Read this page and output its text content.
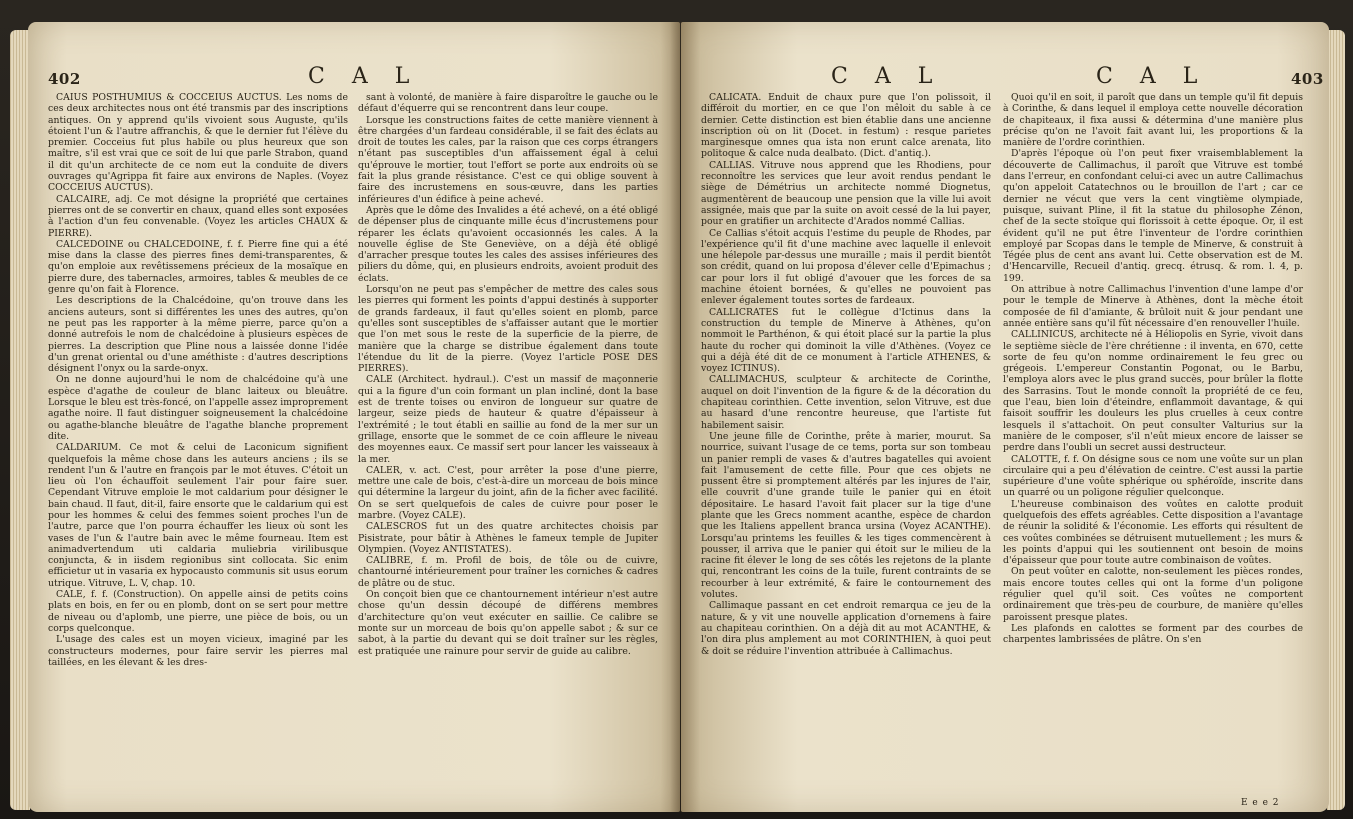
402	C A L

CAIUS POSTHUMIUS & COCCEIUS AUCTUS. Les noms de ces deux architectes nous ont été transmis par des inscriptions antiques. On y apprend qu'ils vivoient sous Auguste, qu'ils étoient l'un & l'autre affranchis, & que le dernier fut l'élève du premier. Cocceius fut plus habile ou plus heureux que son maître, s'il est vrai que ce soit de lui que parle Strabon, quand il dit qu'un architecte de ce nom eut la conduite de divers ouvrages qu'Agrippa fit faire aux environs de Naples. (Voyez COCCEIUS AUCTUS).

CALCAIRE, adj. Ce mot désigne la propriété que certaines pierres ont de se convertir en chaux, quand elles sont exposées à l'action d'un feu convenable. (Voyez les articles CHAUX & PIERRE).

CALCEDOINE ou CHALCEDOINE, f. f. Pierre fine qui a été mise dans la classe des pierres fines demi-transparentes, & qu'on emploie aux revêtissemens précieux de la mosaïque en pierre dure, des tabernacles, armoires, tables & meubles de ce genre qu'on fait à Florence.

Les descriptions de la Chalcédoine, qu'on trouve dans les anciens auteurs, sont si différentes les unes des autres, qu'on ne peut pas les rapporter à la même pierre, parce qu'on a donné autrefois le nom de chalcédoine à plusieurs espèces de pierres. La description que Pline nous a laissée donne l'idée d'un grenat oriental ou d'une améthiste : d'autres descriptions désignent l'onyx ou la sarde-onyx.

On ne donne aujourd'hui le nom de chalcédoine qu'à une espèce d'agathe de couleur de blanc laiteux ou bleuâtre. Lorsque le bleu est très-foncé, on l'appelle assez improprement agathe noire. Il faut distinguer soigneusement la chalcédoine ou agathe-blanche bleuâtre de l'agathe blanche proprement dite.

CALDARIUM. Ce mot & celui de Laconicum signifient quelquefois la même chose dans les auteurs anciens ; ils se rendent l'un & l'autre en françois par le mot étuves. C'étoit un lieu où l'on échauffoit seulement l'air pour faire suer. Cependant Vitruve emploie le mot caldarium pour désigner le bain chaud. Il faut, dit-il, faire ensorte que le caldarium qui est pour les hommes & celui des femmes soient proches l'un de l'autre, parce que l'on pourra échauffer les lieux où sont les vases de l'un & l'autre bain avec le même fourneau. Item est animadvertendum uti caldaria muliebria virilibusque conjuncta, & in iisdem regionibus sint collocata. Sic enim efficietur ut in vasaria ex hypocausto communis sit usus eorum utrique. Vitruve, L. V, chap. 10.

CALE, f. f. (Construction). On appelle ainsi de petits coins plats en bois, en fer ou en plomb, dont on se sert pour mettre de niveau ou d'aplomb, une pierre, une pièce de bois, ou un corps quelconque.

L'usage des cales est un moyen vicieux, imaginé par les constructeurs modernes, pour faire servir les pierres mal taillées, en les élevant & les dres-

sant à volonté, de manière à faire disparoître le gauche ou le défaut d'équerre qui se rencontrent dans leur coupe.

Lorsque les constructions faites de cette manière viennent à être chargées d'un fardeau considérable, il se fait des éclats au droit de toutes les cales, par la raison que ces corps étrangers n'étant pas susceptibles d'un affaissement égal à celui qu'éprouve le mortier, tout l'effort se porte aux endroits où se fait la plus grande résistance. C'est ce qui oblige souvent à faire des incrustemens en sous-œuvre, dans les parties inférieures d'un édifice à peine achevé.

Après que le dôme des Invalides a été achevé, on a été obligé de dépenser plus de cinquante mille écus d'incrustemens pour réparer les éclats qu'avoient occasionnés les cales. A la nouvelle église de Ste Geneviève, on a déjà été obligé d'arracher presque toutes les cales des assises inférieures des piliers du dôme, qui, en plusieurs endroits, avoient produit des éclats.

Lorsqu'on ne peut pas s'empêcher de mettre des cales sous les pierres qui forment les points d'appui destinés à supporter de grands fardeaux, il faut qu'elles soient en plomb, parce qu'elles sont susceptibles de s'affaisser autant que le mortier que l'on met sous le reste de la superficie de la pierre, de manière que la charge se distribue également dans toute l'étendue du lit de la pierre. (Voyez l'article POSE DES PIERRES).

CALE (Architect. hydraul.). C'est un massif de maçonnerie qui a la figure d'un coin formant un plan incliné, dont la base est de trente toises ou environ de longueur sur quatre de largeur, seize pieds de hauteur & quatre d'épaisseur à l'extrémité ; le tout établi en saillie au fond de la mer sur un grillage, ensorte que le sommet de ce coin affleure le niveau des moyennes eaux. Ce massif sert pour lancer les vaisseaux à la mer.

CALER, v. act. C'est, pour arrêter la pose d'une pierre, mettre une cale de bois, c'est-à-dire un morceau de bois mince qui détermine la largeur du joint, afin de la ficher avec facilité. On se sert quelquefois de cales de cuivre pour poser le marbre. (Voyez CALE).

CALESCROS fut un des quatre architectes choisis par Pisistrate, pour bâtir à Athènes le fameux temple de Jupiter Olympien. (Voyez ANTISTATES).

CALIBRE, f. m. Profil de bois, de tôle ou de cuivre, chantourné intérieurement pour traîner les corniches & cadres de plâtre ou de stuc.

On conçoit bien que ce chantournement intérieur n'est autre chose qu'un dessin découpé de différens membres d'architecture qu'on veut exécuter en saillie. Ce calibre se monte sur un morceau de bois qu'on appelle sabot ; & sur ce sabot, à la partie du devant qui se doit traîner sur les règles, est pratiquée une rainure pour servir de guide au calibre.

C A L	C A L	403

CALICATA. Enduit de chaux pure que l'on polissoit, il différoit du mortier, en ce que l'on mêloit du sable à ce dernier. Cette distinction est bien établie dans une ancienne inscription où on lit (Docet. in festum) : resque parietes marginesque omnes qua ista non erunt calce arenata, lito politoque & calce nuda dealbato. (Dict. d'antiq.).

CALLIAS. Vitruve nous apprend que les Rhodiens, pour reconnoître les services que leur avoit rendus pendant le siège de Démétrius un architecte nommé Diognetus, augmentèrent de beaucoup une pension que la ville lui avoit assignée, mais que par la suite on avoit cessé de la lui payer, pour en gratifier un architecte d'Arados nommé Callias.

Ce Callias s'étoit acquis l'estime du peuple de Rhodes, par l'expérience qu'il fit d'une machine avec laquelle il enlevoit une hélepole par-dessus une muraille ; mais il perdit bientôt son crédit, quand on lui proposa d'élever celle d'Epimachus ; car pour lors il fut obligé d'avouer que les forces de sa machine étoient bornées, & qu'elles ne pouvoient pas enlever également toutes sortes de fardeaux.

CALLICRATES fut le collègue d'Ictinus dans la construction du temple de Minerve à Athènes, qu'on nommoit le Parthénon, & qui étoit placé sur la partie la plus haute du rocher qui dominoit la ville d'Athènes. (Voyez ce qui a déjà été dit de ce monument à l'article ATHENES, & voyez ICTINUS).

CALLIMACHUS, sculpteur & architecte de Corinthe, auquel on doit l'invention de la figure & de la décoration du chapiteau corinthien. Cette invention, selon Vitruve, est due au hasard d'une rencontre heureuse, que l'artiste fut habilement saisir.

Une jeune fille de Corinthe, prête à marier, mourut. Sa nourrice, suivant l'usage de ce tems, porta sur son tombeau un panier rempli de vases & d'autres bagatelles qui avoient fait l'amusement de cette fille. Pour que ces objets ne pussent être si promptement altérés par les injures de l'air, elle couvrit d'une grande tuile le panier qui en étoit dépositaire. Le hasard l'avoit fait placer sur la tige d'une plante que les Grecs nomment acanthe, espèce de chardon que les Italiens appellent branca ursina (Voyez ACANTHE). Lorsqu'au printems les feuilles & les tiges commencèrent à pousser, il arriva que le panier qui étoit sur le milieu de la racine fit élever le long de ses côtés les rejetons de la plante qui, rencontrant les coins de la tuile, furent contraints de se recourber à leur extrémité, & faire le contournement des volutes.

Callimaque passant en cet endroit remarqua ce jeu de la nature, & y vit une nouvelle application d'ornemens à faire au chapiteau corinthien. On a déjà dit au mot ACANTHE, & l'on dira plus amplement au mot CORINTHIEN, à quoi peut & doit se réduire l'invention attribuée à Callimachus.

Quoi qu'il en soit, il paroît que dans un temple qu'il fit depuis à Corinthe, & dans lequel il employa cette nouvelle décoration de chapiteaux, il fixa aussi & détermina d'une manière plus précise qu'on ne l'avoit fait avant lui, les proportions & la manière de l'ordre corinthien.

D'après l'époque où l'on peut fixer vraisemblablement la découverte de Callimachus, il paroît que Vitruve est tombé dans l'erreur, en confondant celui-ci avec un autre Callimachus qu'on appeloit Catatechnos ou le brouillon de l'art ; car ce dernier ne vécut que vers la cent vingtième olympiade, puisque, suivant Pline, il fit la statue du philosophe Zénon, chef de la secte stoïque qui florissoit à cette époque. Or, il est évident qu'il ne put être l'inventeur de l'ordre corinthien employé par Scopas dans le temple de Minerve, & construit à Tégée plus de cent ans avant lui. Cette observation est de M. d'Hencarville, Recueil d'antiq. grecq. étrusq. & rom. l. 4, p. 199.

On attribue à notre Callimachus l'invention d'une lampe d'or pour le temple de Minerve à Athènes, dont la mèche étoit composée de fil d'amiante, & brûloit nuit & jour pendant une année entière sans qu'il fût nécessaire d'en renouveller l'huile.

CALLINICUS, architecte né à Héliopolis en Syrie, vivoit dans le septième siècle de l'ère chrétienne : il inventa, en 670, cette sorte de feu qu'on nomme ordinairement le feu grec ou grégeois. L'empereur Constantin Pogonat, ou le Barbu, l'employa alors avec le plus grand succès, pour brûler la flotte des Sarrasins. Tout le monde connoît la propriété de ce feu, que l'eau, bien loin d'éteindre, enflammoit davantage, & qui faisoit souffrir les douleurs les plus cruelles à ceux contre lesquels il s'attachoit. On peut consulter Valturius sur la manière de le composer, s'il n'eût mieux encore de laisser se perdre dans l'oubli un secret aussi destructeur.

CALOTTE, f. f. On désigne sous ce nom une voûte sur un plan circulaire qui a peu d'élévation de ceintre. C'est aussi la partie supérieure d'une voûte sphérique ou sphéroïde, inscrite dans un quarré ou un poligone régulier quelconque.

L'heureuse combinaison des voûtes en calotte produit quelquefois des effets agréables. Cette disposition a l'avantage de réunir la solidité & l'économie. Les efforts qui résultent de ces voûtes combinées se détruisent mutuellement ; les murs & les points d'appui qui les soutiennent ont besoin de moins d'épaisseur que pour toute autre combinaison de voûtes.

On peut voûter en calotte, non-seulement les pièces rondes, mais encore toutes celles qui ont la forme d'un poligone régulier quel qu'il soit. Ces voûtes ne comportent ordinairement que très-peu de courbure, de manière qu'elles paroissent presque plates.

Les plafonds en calottes se forment par des courbes de charpentes lambrissées de plâtre. On s'en

E e e 2
